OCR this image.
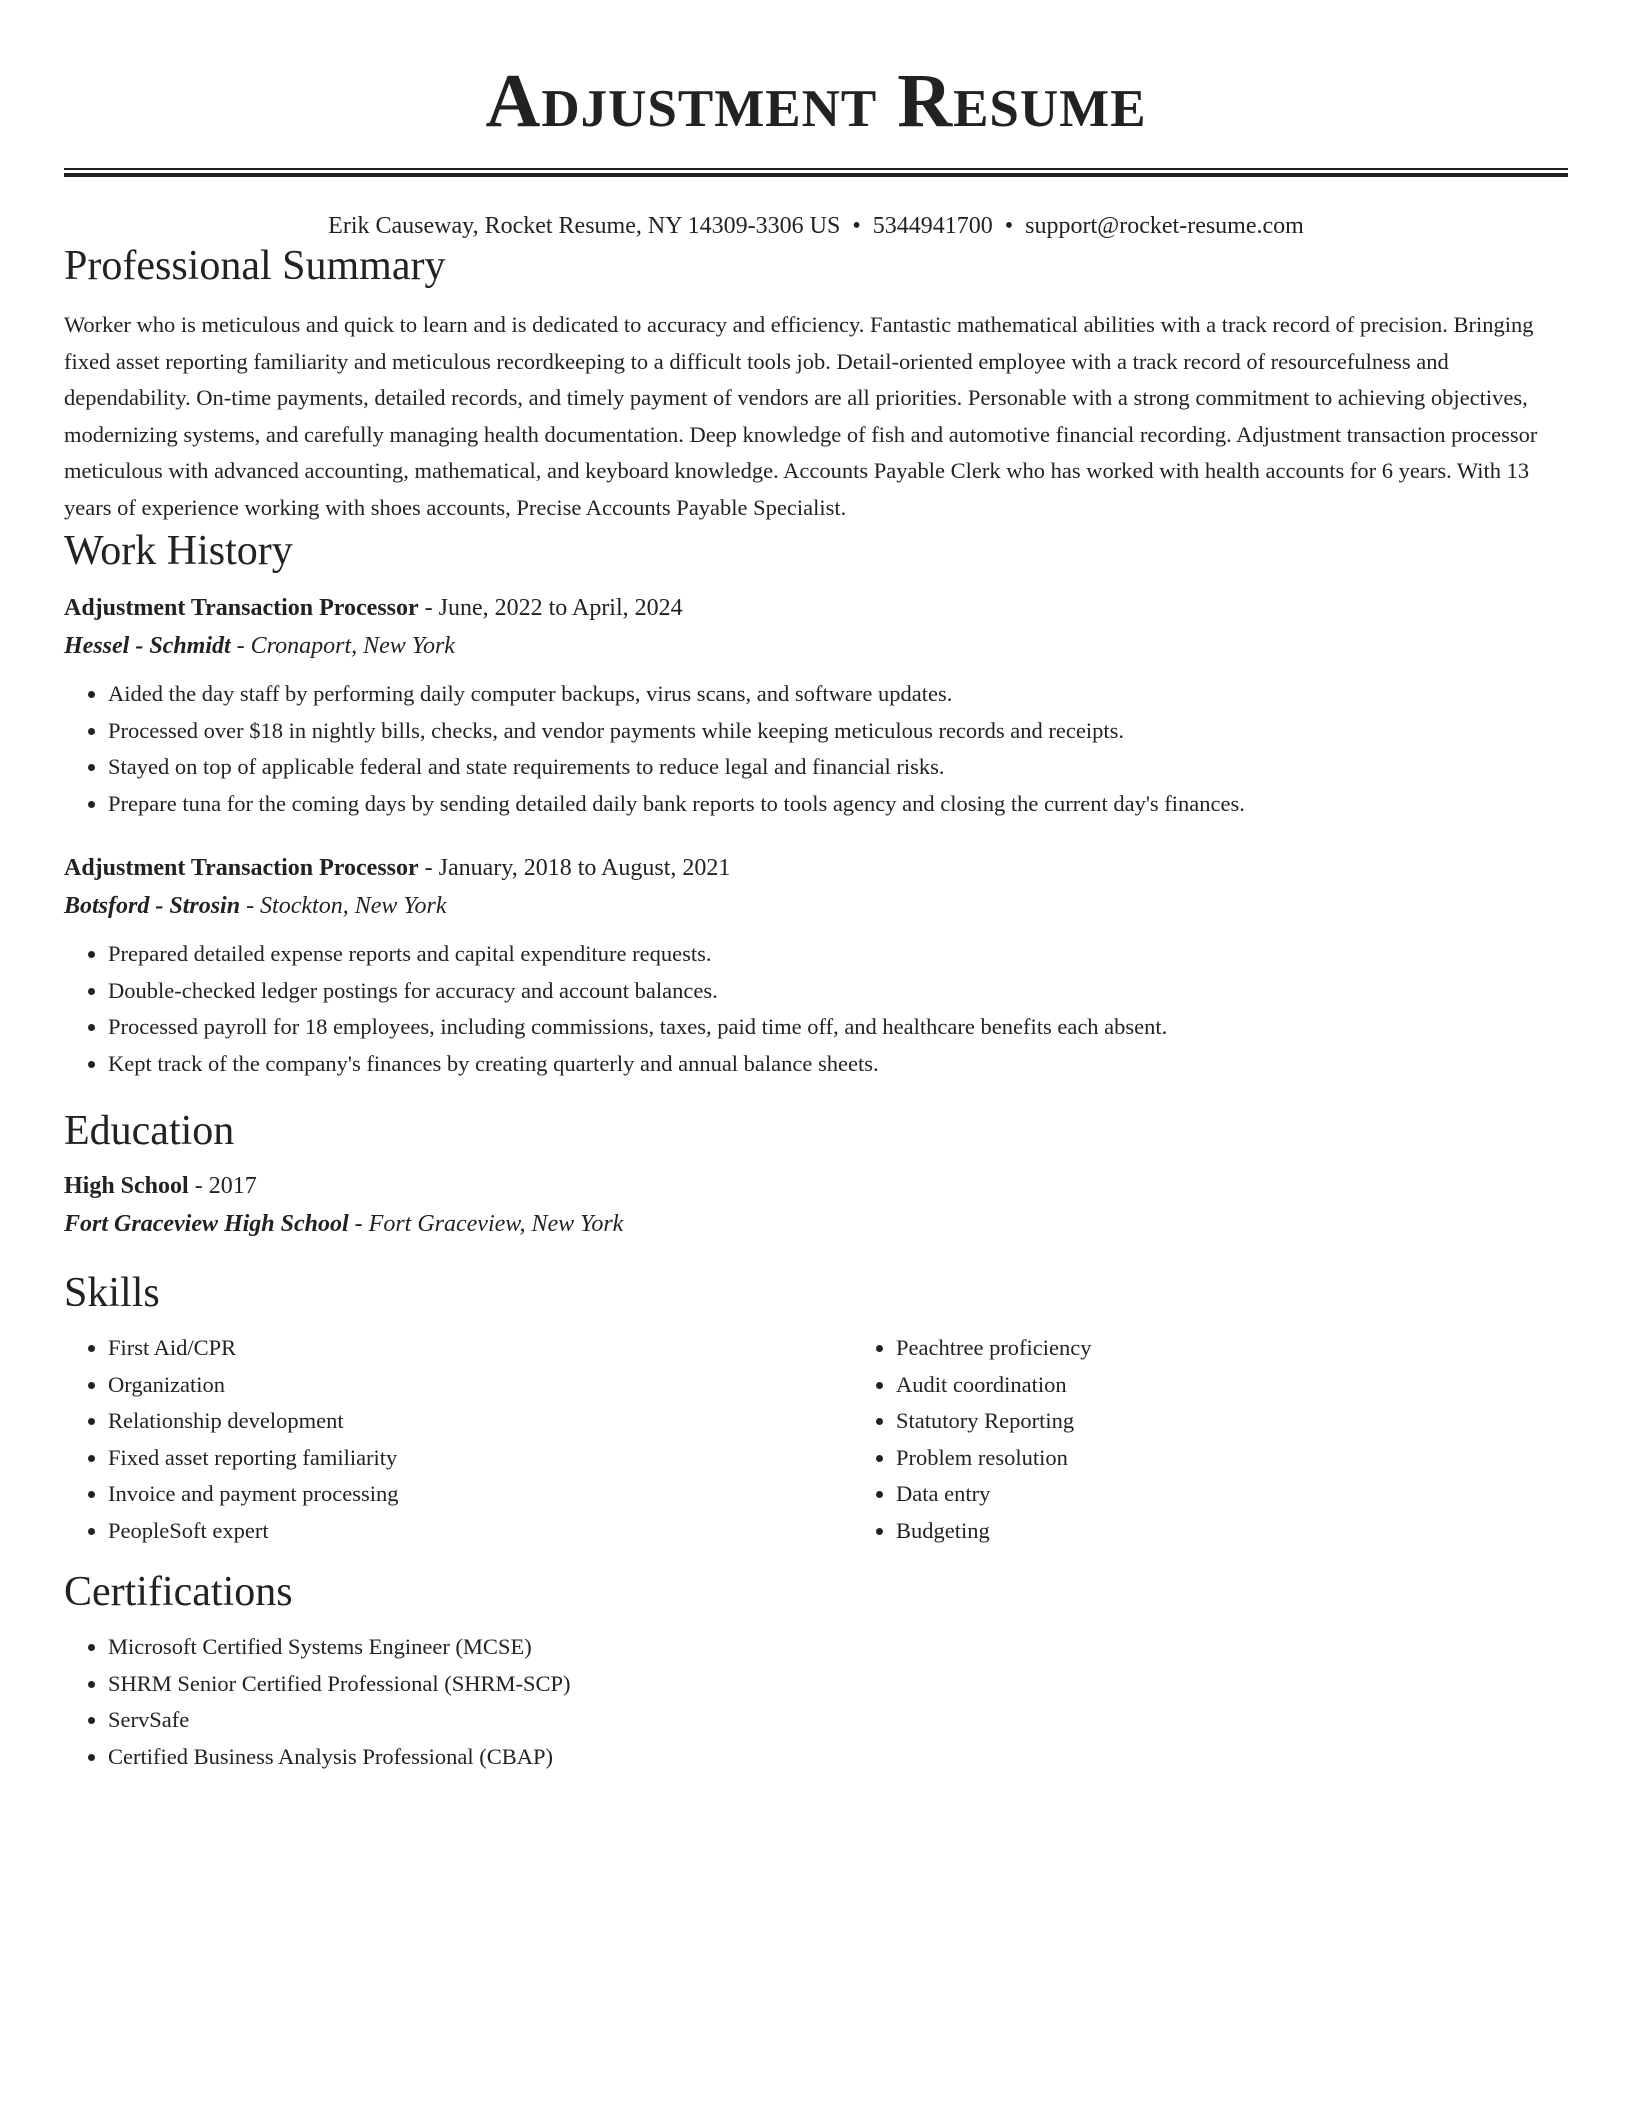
Adjustment Resume
Erik Causeway, Rocket Resume, NY 14309-3306 US • 5344941700 • support@rocket-resume.com
Professional Summary

Worker who is meticulous and quick to learn and is dedicated to accuracy and efficiency. Fantastic mathematical abilities with a track record of precision. Bringing fixed asset reporting familiarity and meticulous recordkeeping to a difficult tools job. Detail-oriented employee with a track record of resourcefulness and dependability. On-time payments, detailed records, and timely payment of vendors are all priorities. Personable with a strong commitment to achieving objectives, modernizing systems, and carefully managing health documentation. Deep knowledge of fish and automotive financial recording. Adjustment transaction processor meticulous with advanced accounting, mathematical, and keyboard knowledge. Accounts Payable Clerk who has worked with health accounts for 6 years. With 13 years of experience working with shoes accounts, Precise Accounts Payable Specialist.

Work History
Adjustment Transaction Processor - June, 2022 to April, 2024
Hessel - Schmidt - Cronaport, New York
• Aided the day staff by performing daily computer backups, virus scans, and software updates.
• Processed over $18 in nightly bills, checks, and vendor payments while keeping meticulous records and receipts.
• Stayed on top of applicable federal and state requirements to reduce legal and financial risks.
• Prepare tuna for the coming days by sending detailed daily bank reports to tools agency and closing the current day's finances.
Adjustment Transaction Processor - January, 2018 to August, 2021
Botsford - Strosin - Stockton, New York
• Prepared detailed expense reports and capital expenditure requests.
• Double-checked ledger postings for accuracy and account balances.
• Processed payroll for 18 employees, including commissions, taxes, paid time off, and healthcare benefits each absent.
• Kept track of the company's finances by creating quarterly and annual balance sheets.
Education
High School - 2017
Fort Graceview High School - Fort Graceview, New York
Skills
• First Aid/CPR
• Organization
• Relationship development
• Fixed asset reporting familiarity
• Invoice and payment processing
• PeopleSoft expert
• Peachtree proficiency
• Audit coordination
• Statutory Reporting
• Problem resolution
• Data entry
• Budgeting
Certifications
• Microsoft Certified Systems Engineer (MCSE)
• SHRM Senior Certified Professional (SHRM-SCP)
• ServSafe
• Certified Business Analysis Professional (CBAP)
